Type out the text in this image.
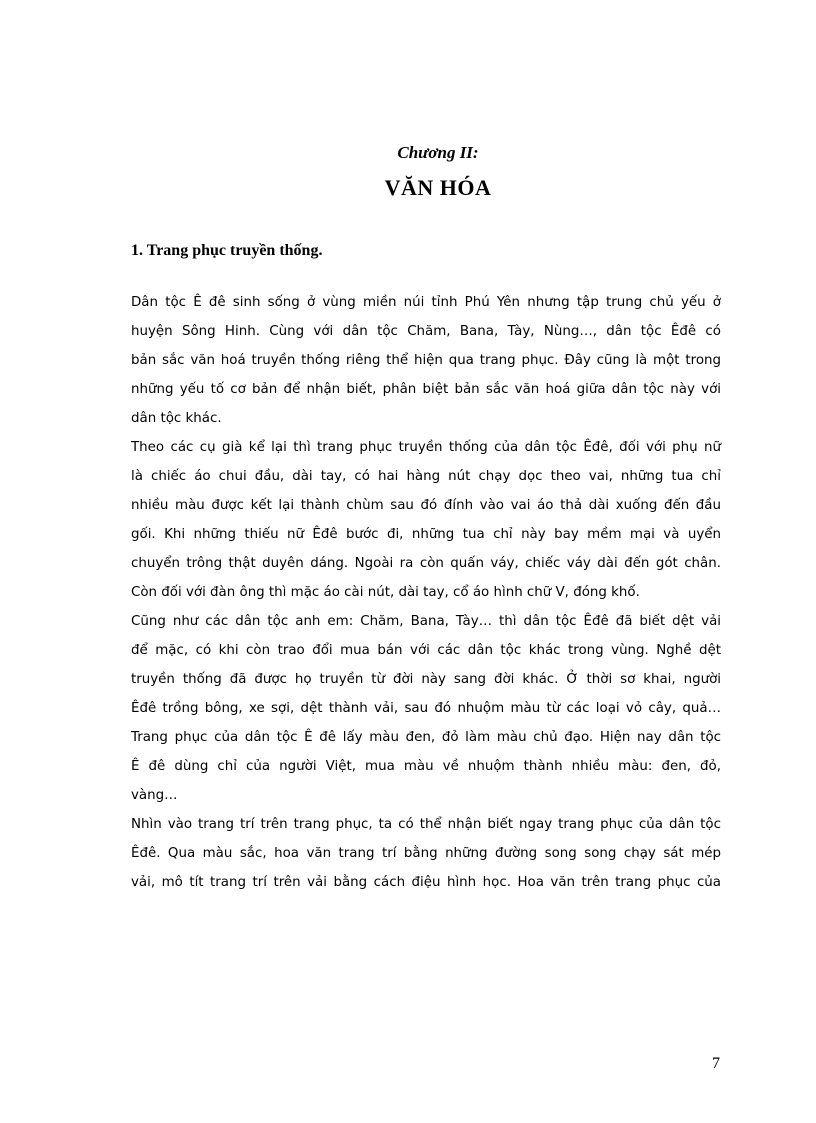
Chương II:
VĂN HÓA
1. Trang phục truyền thống.
Dân tộc Ê đê sinh sống ở vùng miền núi tỉnh Phú Yên nhưng tập trung chủ yếu ở
huyện Sông Hinh. Cùng với dân tộc Chăm, Bana, Tày, Nùng…, dân tộc Êđê có
bản sắc văn hoá truyền thống riêng thể hiện qua trang phục. Đây cũng là một trong
những yếu tố cơ bản để nhận biết, phân biệt bản sắc văn hoá giữa dân tộc này với
dân tộc khác.
Theo các cụ già kể lại thì trang phục truyền thống của dân tộc Êđê, đối với phụ nữ
là chiếc áo chui đầu, dài tay, có hai hàng nút chạy dọc theo vai, những tua chỉ
nhiều màu được kết lại thành chùm sau đó đính vào vai áo thả dài xuống đến đầu
gối. Khi những thiếu nữ Êđê bước đi, những tua chỉ này bay mềm mại và uyển
chuyển trông thật duyên dáng. Ngoài ra còn quấn váy, chiếc váy dài đến gót chân.
Còn đối với đàn ông thì mặc áo cài nút, dài tay, cổ áo hình chữ V, đóng khố.
Cũng như các dân tộc anh em: Chăm, Bana, Tày… thì dân tộc Êđê đã biết dệt vải
để mặc, có khi còn trao đổi mua bán với các dân tộc khác trong vùng. Nghề dệt
truyền thống đã được họ truyền từ đời này sang đời khác. Ở thời sơ khai, người
Êđê trồng bông, xe sợi, dệt thành vải, sau đó nhuộm màu từ các loại vỏ cây, quả…
Trang phục của dân tộc Ê đê lấy màu đen, đỏ làm màu chủ đạo. Hiện nay dân tộc
Ê đê dùng chỉ của người Việt, mua màu về nhuộm thành nhiều màu: đen, đỏ,
vàng…
Nhìn vào trang trí trên trang phục, ta có thể nhận biết ngay trang phục của dân tộc
Êđê. Qua màu sắc, hoa văn trang trí bằng những đường song song chạy sát mép
vải, mô tít trang trí trên vải bằng cách điệu hình học. Hoa văn trên trang phục của
7
